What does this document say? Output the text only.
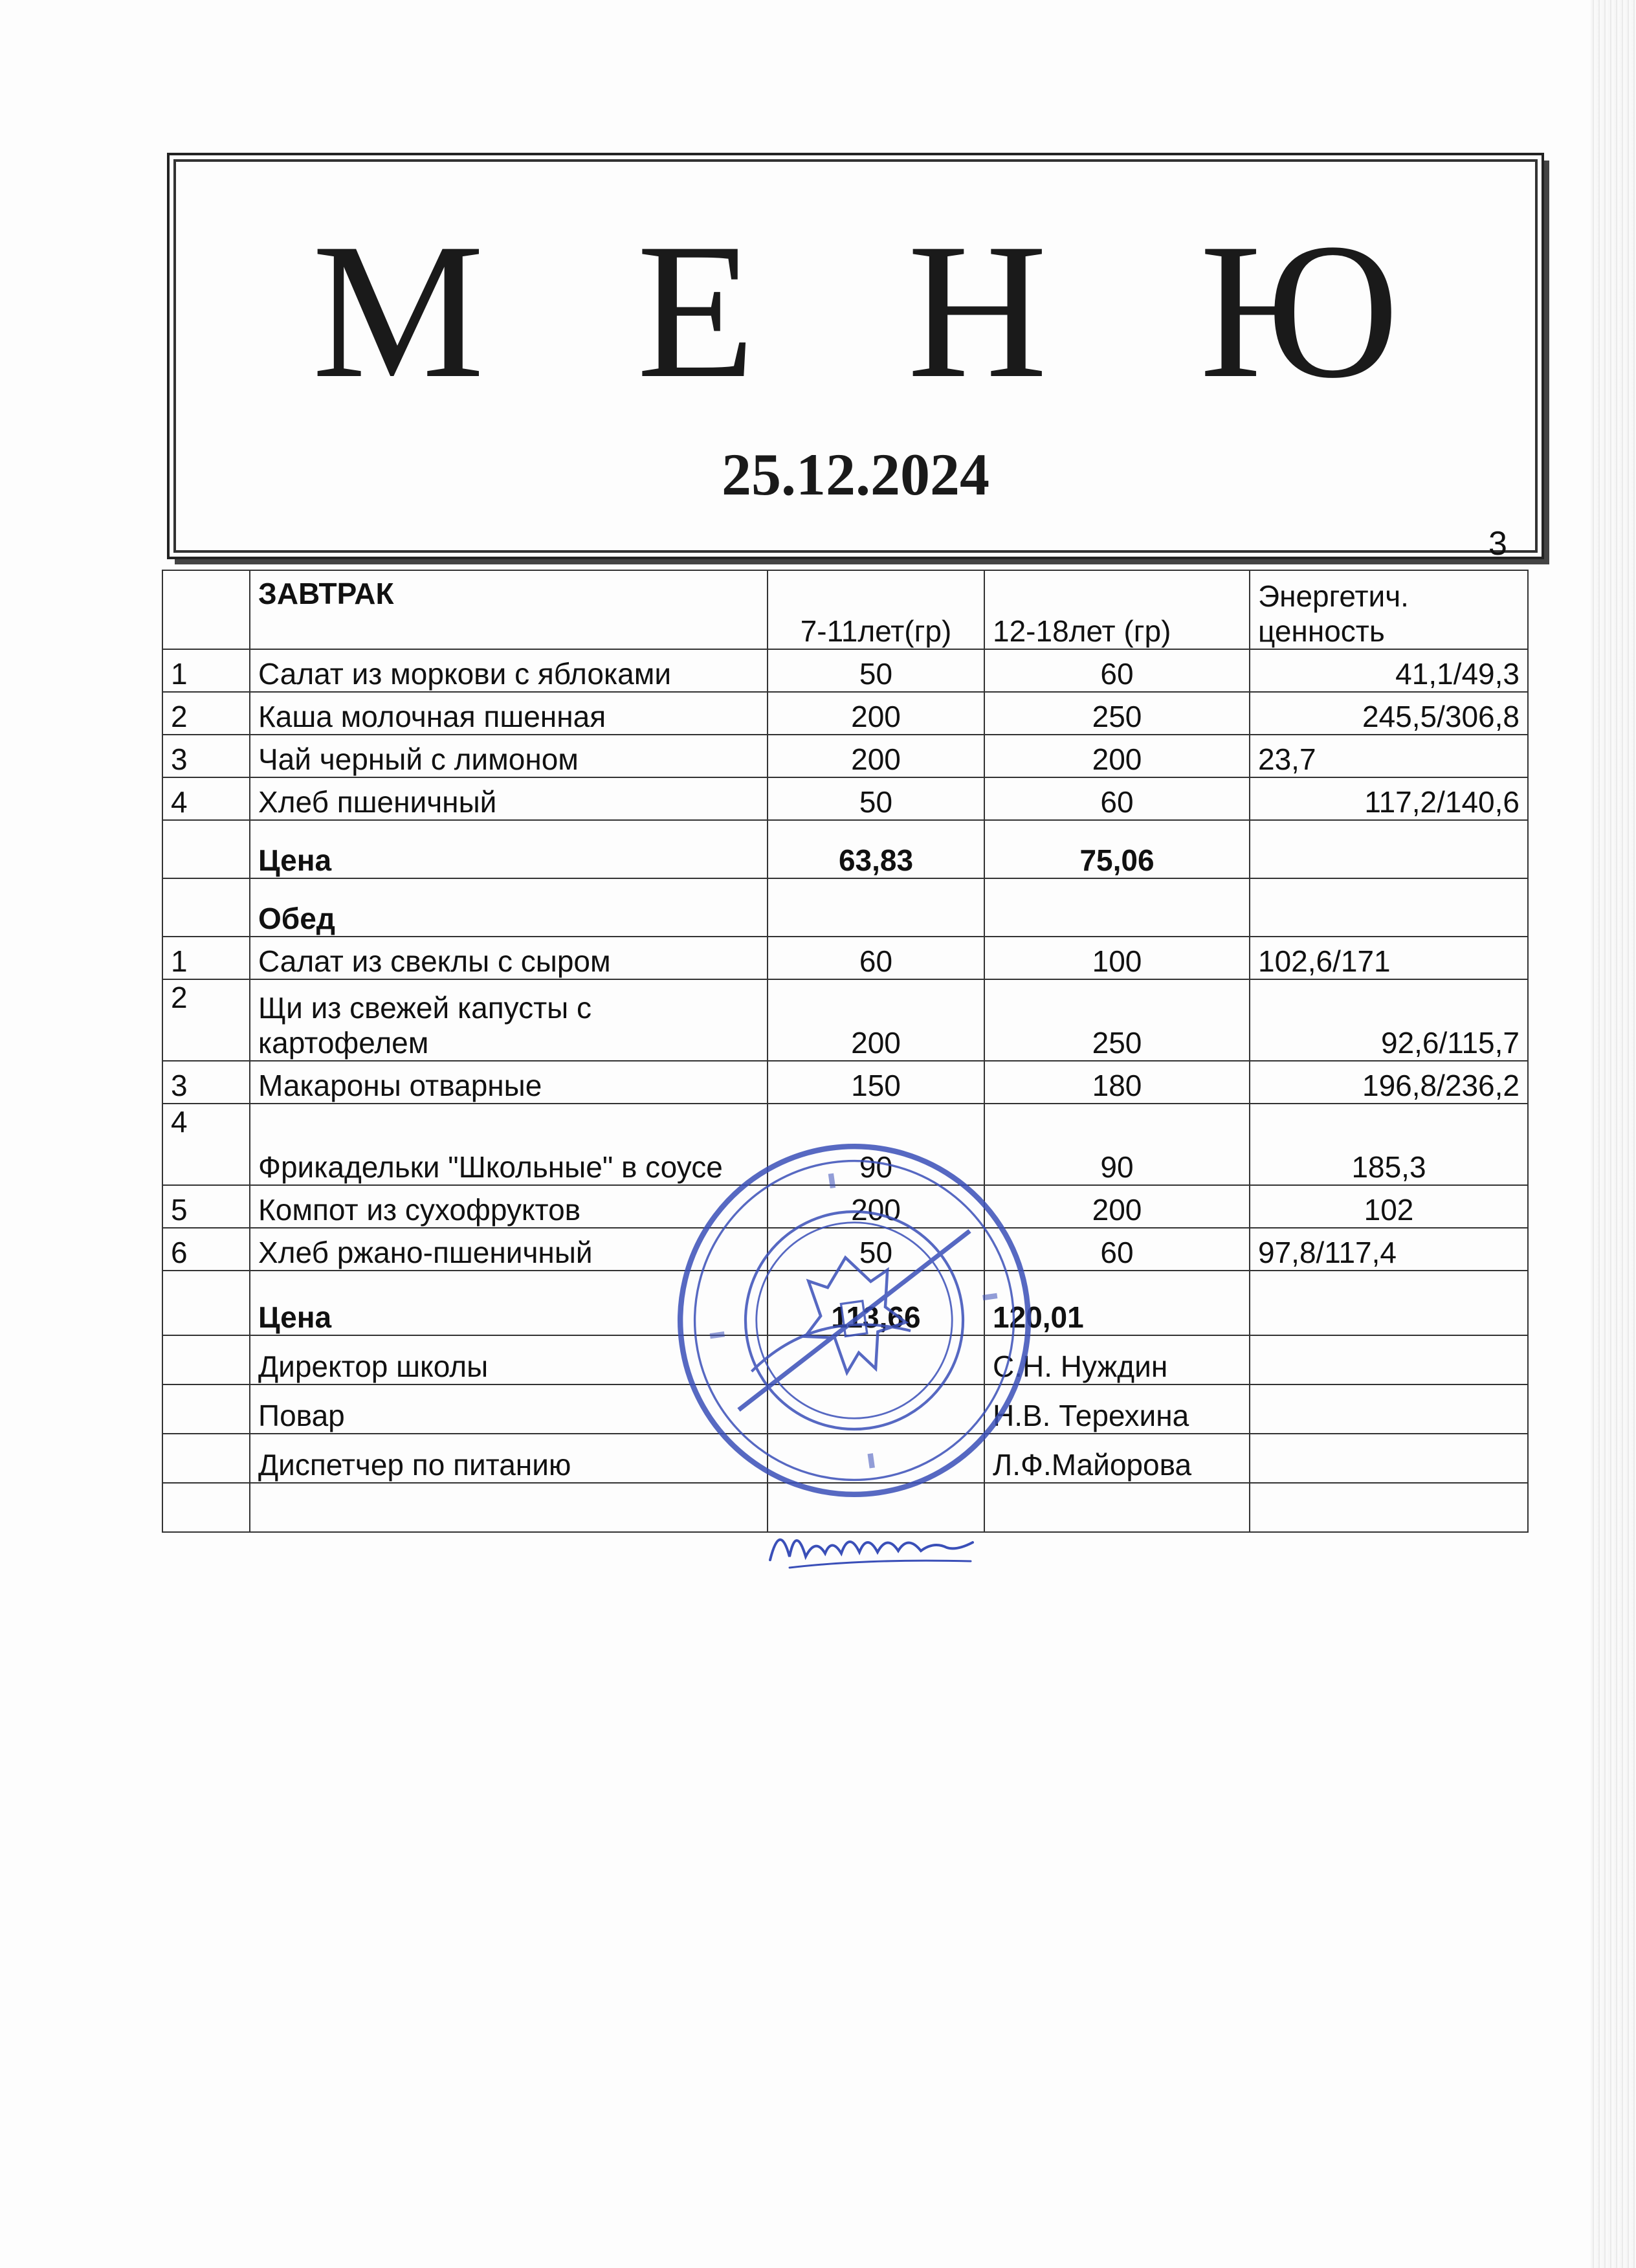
М Е Н Ю
25.12.2024
3
	ЗАВТРАК	7-11лет(гр)	12-18лет (гр)	Энергетич. ценность
1	Салат из моркови с яблоками	50	60	41,1/49,3
2	Каша молочная пшенная	200	250	245,5/306,8
3	Чай черный с лимоном	200	200	23,7
4	Хлеб пшеничный	50	60	117,2/140,6
	Цена	63,83	75,06	
	Обед			
1	Салат из свеклы с сыром	60	100	102,6/171
2	Щи из свежей капусты с картофелем	200	250	92,6/115,7
3	Макароны отварные	150	180	196,8/236,2
4	Фрикадельки "Школьные" в соусе	90	90	185,3
5	Компот из сухофруктов	200	200	102
6	Хлеб ржано-пшеничный	50	60	97,8/117,4
	Цена	113,66	120,01	
	Директор школы		С.Н. Нуждин	
	Повар		Н.В. Терехина	
	Диспетчер по питанию		Л.Ф.Майорова	
